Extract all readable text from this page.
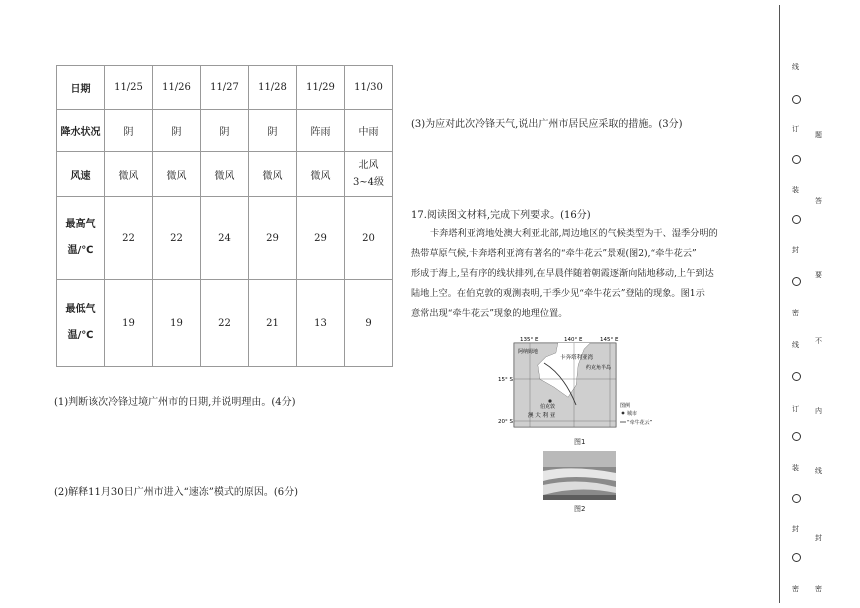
日期	11/25	11/26	11/27	11/28	11/29	11/30
降水状况	阴	阴	阴	阴	阵雨	中雨
风速	微风	微风	微风	微风	微风	北风3~4级
最高气温/℃	22	22	24	29	29	20
最低气温/℃	19	19	22	21	13	9
(1)判断该次冷锋过境广州市的日期,并说明理由。(4分)
(2)解释11月30日广州市进入“速冻”模式的原因。(6分)
(3)为应对此次冷锋天气,说出广州市居民应采取的措施。(3分)
17.阅读图文材料,完成下列要求。(16分)
卡奔塔利亚湾地处澳大利亚北部,周边地区的气候类型为干、湿季分明的
热带草原气候,卡奔塔利亚湾有著名的“牵牛花云”景观(图2),“牵牛花云”
形成于海上,呈有序的线状排列,在早晨伴随着朝霞逐渐向陆地移动,上午到达
陆地上空。在伯克敦的观测表明,干季少见“牵牛花云”登陆的现象。图1示
意常出现“牵牛花云”现象的地理位置。
135° E	140° E	145° E
15° S
20° S
卡奔塔利亚湾
阿纳姆地
约克角半岛
伯克敦
澳 大 利 亚
图例
城市
“牵牛花云”
图1
图2
线
订
装
封
密
线
订
装
封
密
题
答
要
不
内
线
封
密
